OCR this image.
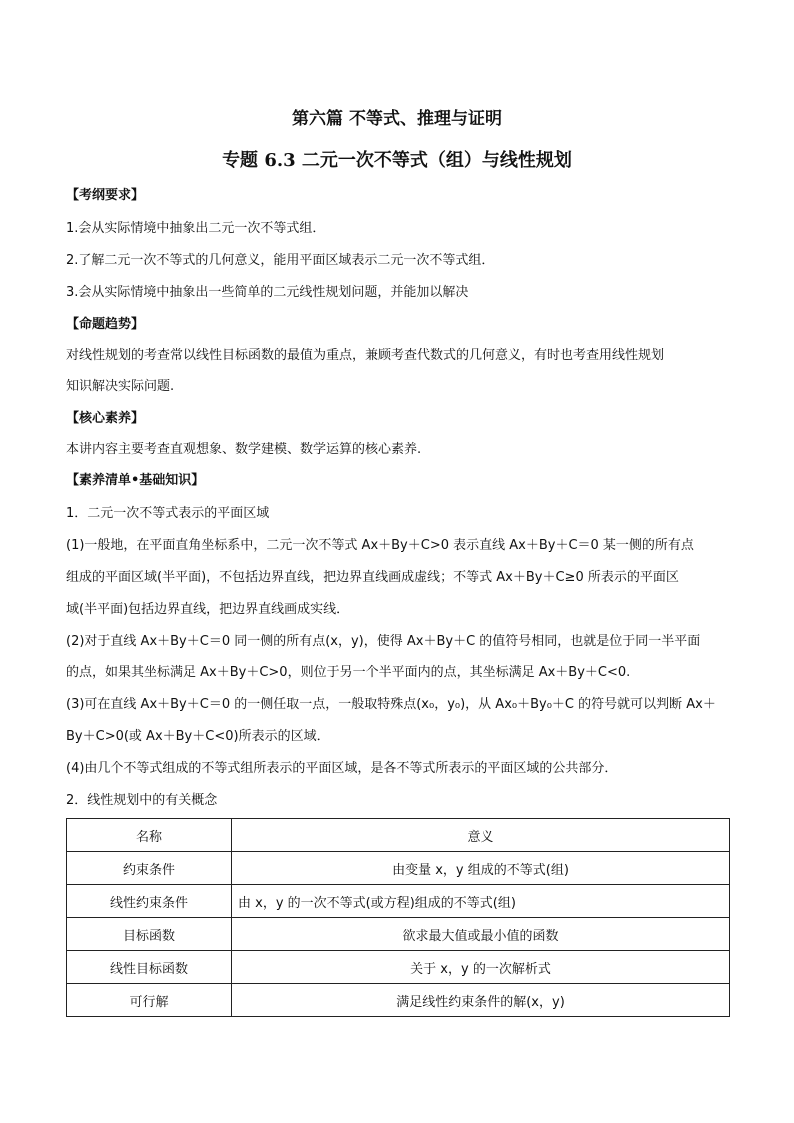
第六篇 不等式、推理与证明
专题 6.3 二元一次不等式（组）与线性规划
【考纲要求】
1.会从实际情境中抽象出二元一次不等式组．
2.了解二元一次不等式的几何意义，能用平面区域表示二元一次不等式组．
3.会从实际情境中抽象出一些简单的二元线性规划问题，并能加以解决
【命题趋势】
对线性规划的考查常以线性目标函数的最值为重点，兼顾考查代数式的几何意义，有时也考查用线性规划
知识解决实际问题.
【核心素养】
本讲内容主要考查直观想象、数学建模、数学运算的核心素养.
【素养清单•基础知识】
1．二元一次不等式表示的平面区域
(1)一般地，在平面直角坐标系中，二元一次不等式 Ax＋By＋C>0 表示直线 Ax＋By＋C＝0 某一侧的所有点
组成的平面区域(半平面)，不包括边界直线，把边界直线画成虚线；不等式 Ax＋By＋C≥0 所表示的平面区
域(半平面)包括边界直线，把边界直线画成实线．
(2)对于直线 Ax＋By＋C＝0 同一侧的所有点(x，y)，使得 Ax＋By＋C 的值符号相同，也就是位于同一半平面
的点，如果其坐标满足 Ax＋By＋C>0，则位于另一个半平面内的点，其坐标满足 Ax＋By＋C<0.
(3)可在直线 Ax＋By＋C＝0 的一侧任取一点，一般取特殊点(x₀，y₀)，从 Ax₀＋By₀＋C 的符号就可以判断 Ax＋
By＋C>0(或 Ax＋By＋C<0)所表示的区域．
(4)由几个不等式组成的不等式组所表示的平面区域，是各不等式所表示的平面区域的公共部分．
2．线性规划中的有关概念
名称	意义
约束条件	由变量 x，y 组成的不等式(组)
线性约束条件	由 x，y 的一次不等式(或方程)组成的不等式(组)
目标函数	欲求最大值或最小值的函数
线性目标函数	关于 x，y 的一次解析式
可行解	满足线性约束条件的解(x，y)
